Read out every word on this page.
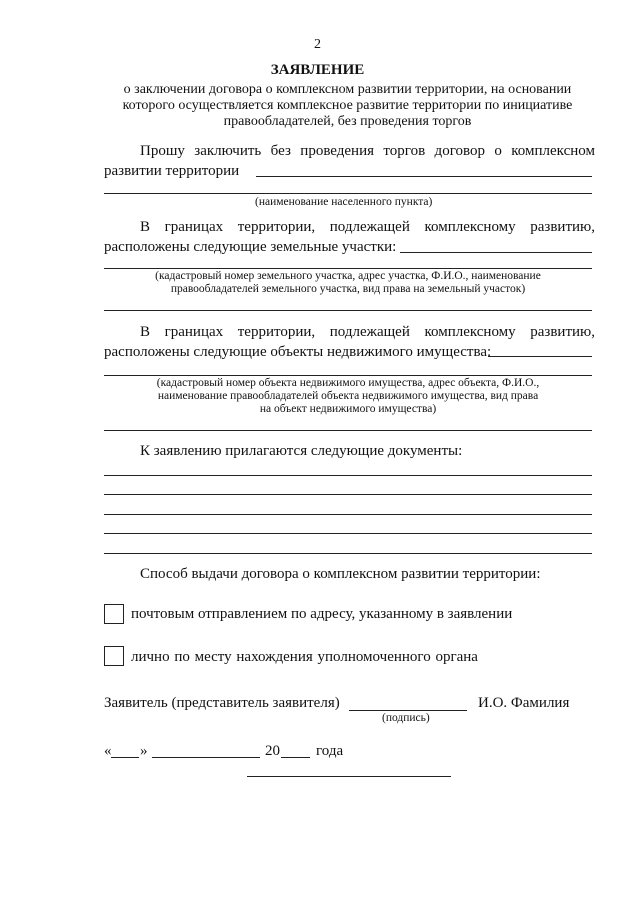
2
ЗАЯВЛЕНИЕ
о заключении договора о комплексном развитии территории, на основании
которого осуществляется комплексное развитие территории по инициативе
правообладателей, без проведения торгов
Прошу заключить без проведения торгов договор о комплексном
развитии территории
(наименование населенного пункта)
В границах территории, подлежащей комплексному развитию,
расположены следующие земельные участки:
(кадастровый номер земельного участка, адрес участка, Ф.И.О., наименование
правообладателей земельного участка, вид права на земельный участок)
В границах территории, подлежащей комплексному развитию,
расположены следующие объекты недвижимого имущества:
(кадастровый номер объекта недвижимого имущества, адрес объекта, Ф.И.О.,
наименование правообладателей объекта недвижимого имущества, вид права
на объект недвижимого имущества)
К заявлению прилагаются следующие документы:
Способ выдачи договора о комплексном развитии территории:
почтовым отправлением по адресу, указанному в заявлении
лично по месту нахождения уполномоченного органа
Заявитель (представитель заявителя)	И.О. Фамилия
(подпись)
« »	20 года
